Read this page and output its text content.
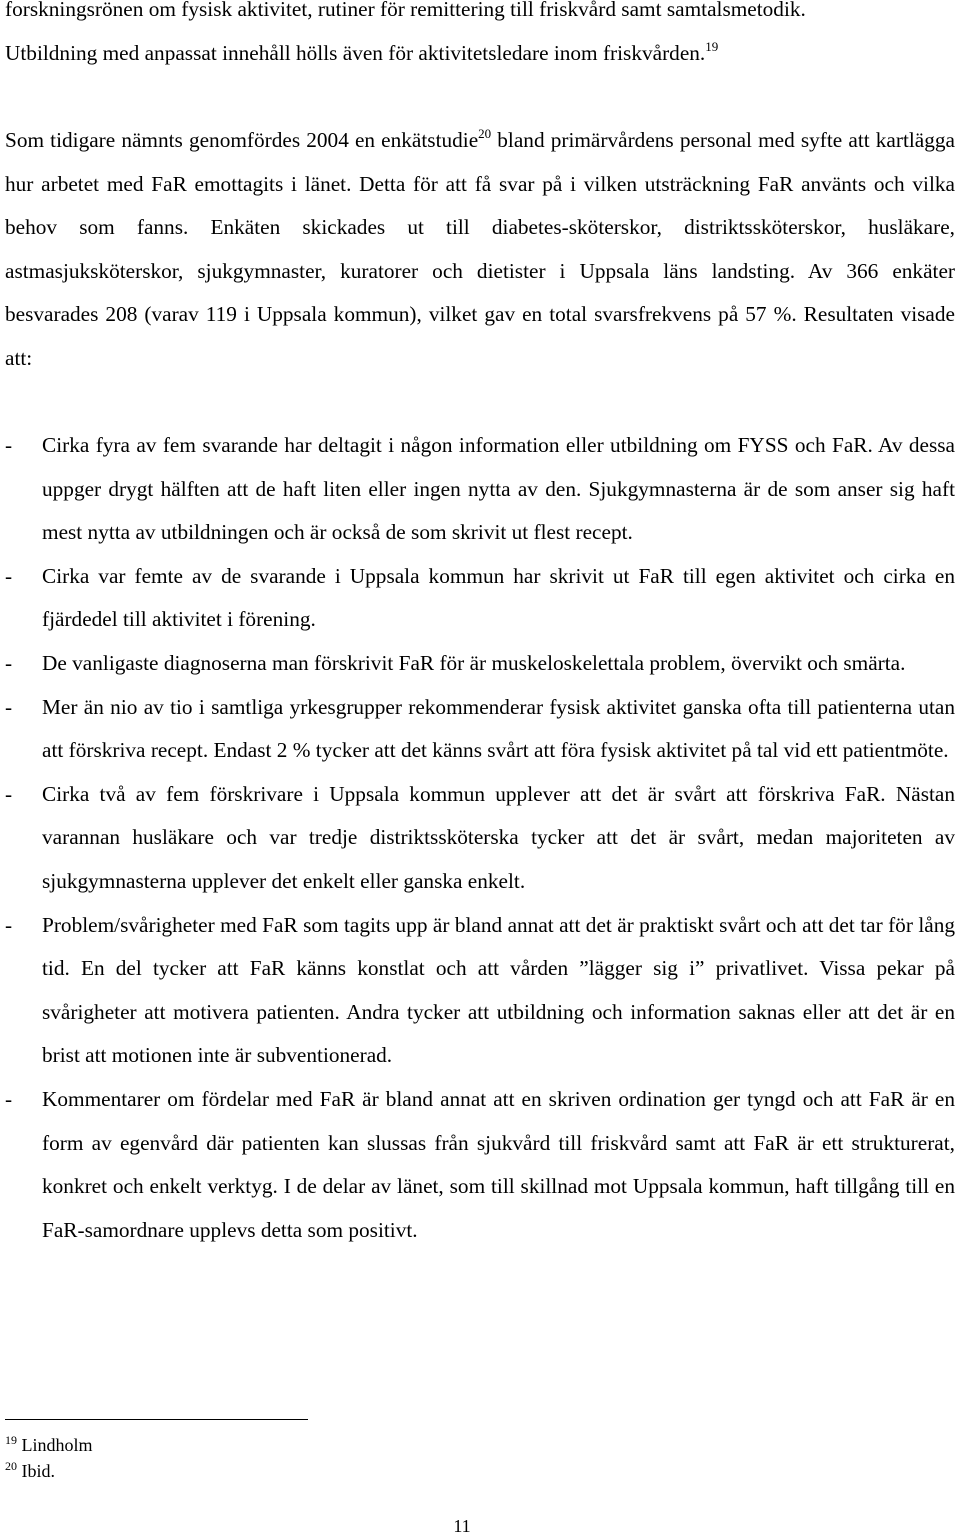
forskningsrönen om fysisk aktivitet, rutiner för remittering till friskvård samt samtalsmetodik.
Utbildning med anpassat innehåll hölls även för aktivitetsledare inom friskvården.$^{19}$

Som tidigare nämnts genomfördes 2004 en enkätstudie$^{20}$ bland primärvårdens personal med syfte att kartlägga hur arbetet med FaR emottagits i länet. Detta för att få svar på i vilken utsträckning FaR använts och vilka behov som fanns. Enkäten skickades ut till diabetes-sköterskor, distriktssköterskor, husläkare, astmasjuksköterskor, sjukgymnaster, kuratorer och dietister i Uppsala läns landsting. Av 366 enkäter besvarades 208 (varav 119 i Uppsala kommun), vilket gav en total svarsfrekvens på 57 %. Resultaten visade att:

- Cirka fyra av fem svarande har deltagit i någon information eller utbildning om FYSS och FaR. Av dessa uppger drygt hälften att de haft liten eller ingen nytta av den. Sjukgymnasterna är de som anser sig haft mest nytta av utbildningen och är också de som skrivit ut flest recept.
- Cirka var femte av de svarande i Uppsala kommun har skrivit ut FaR till egen aktivitet och cirka en fjärdedel till aktivitet i förening.
- De vanligaste diagnoserna man förskrivit FaR för är muskeloskelettala problem, övervikt och smärta.
- Mer än nio av tio i samtliga yrkesgrupper rekommenderar fysisk aktivitet ganska ofta till patienterna utan att förskriva recept. Endast 2 % tycker att det känns svårt att föra fysisk aktivitet på tal vid ett patientmöte.
- Cirka två av fem förskrivare i Uppsala kommun upplever att det är svårt att förskriva FaR. Nästan varannan husläkare och var tredje distriktssköterska tycker att det är svårt, medan majoriteten av sjukgymnasterna upplever det enkelt eller ganska enkelt.
- Problem/svårigheter med FaR som tagits upp är bland annat att det är praktiskt svårt och att det tar för lång tid. En del tycker att FaR känns konstlat och att vården ”lägger sig i” privatlivet. Vissa pekar på svårigheter att motivera patienten. Andra tycker att utbildning och information saknas eller att det är en brist att motionen inte är subventionerad.
- Kommentarer om fördelar med FaR är bland annat att en skriven ordination ger tyngd och att FaR är en form av egenvård där patienten kan slussas från sjukvård till friskvård samt att FaR är ett strukturerat, konkret och enkelt verktyg. I de delar av länet, som till skillnad mot Uppsala kommun, haft tillgång till en FaR-samordnare upplevs detta som positivt.
$^{19}$ Lindholm
$^{20}$ Ibid.
11
